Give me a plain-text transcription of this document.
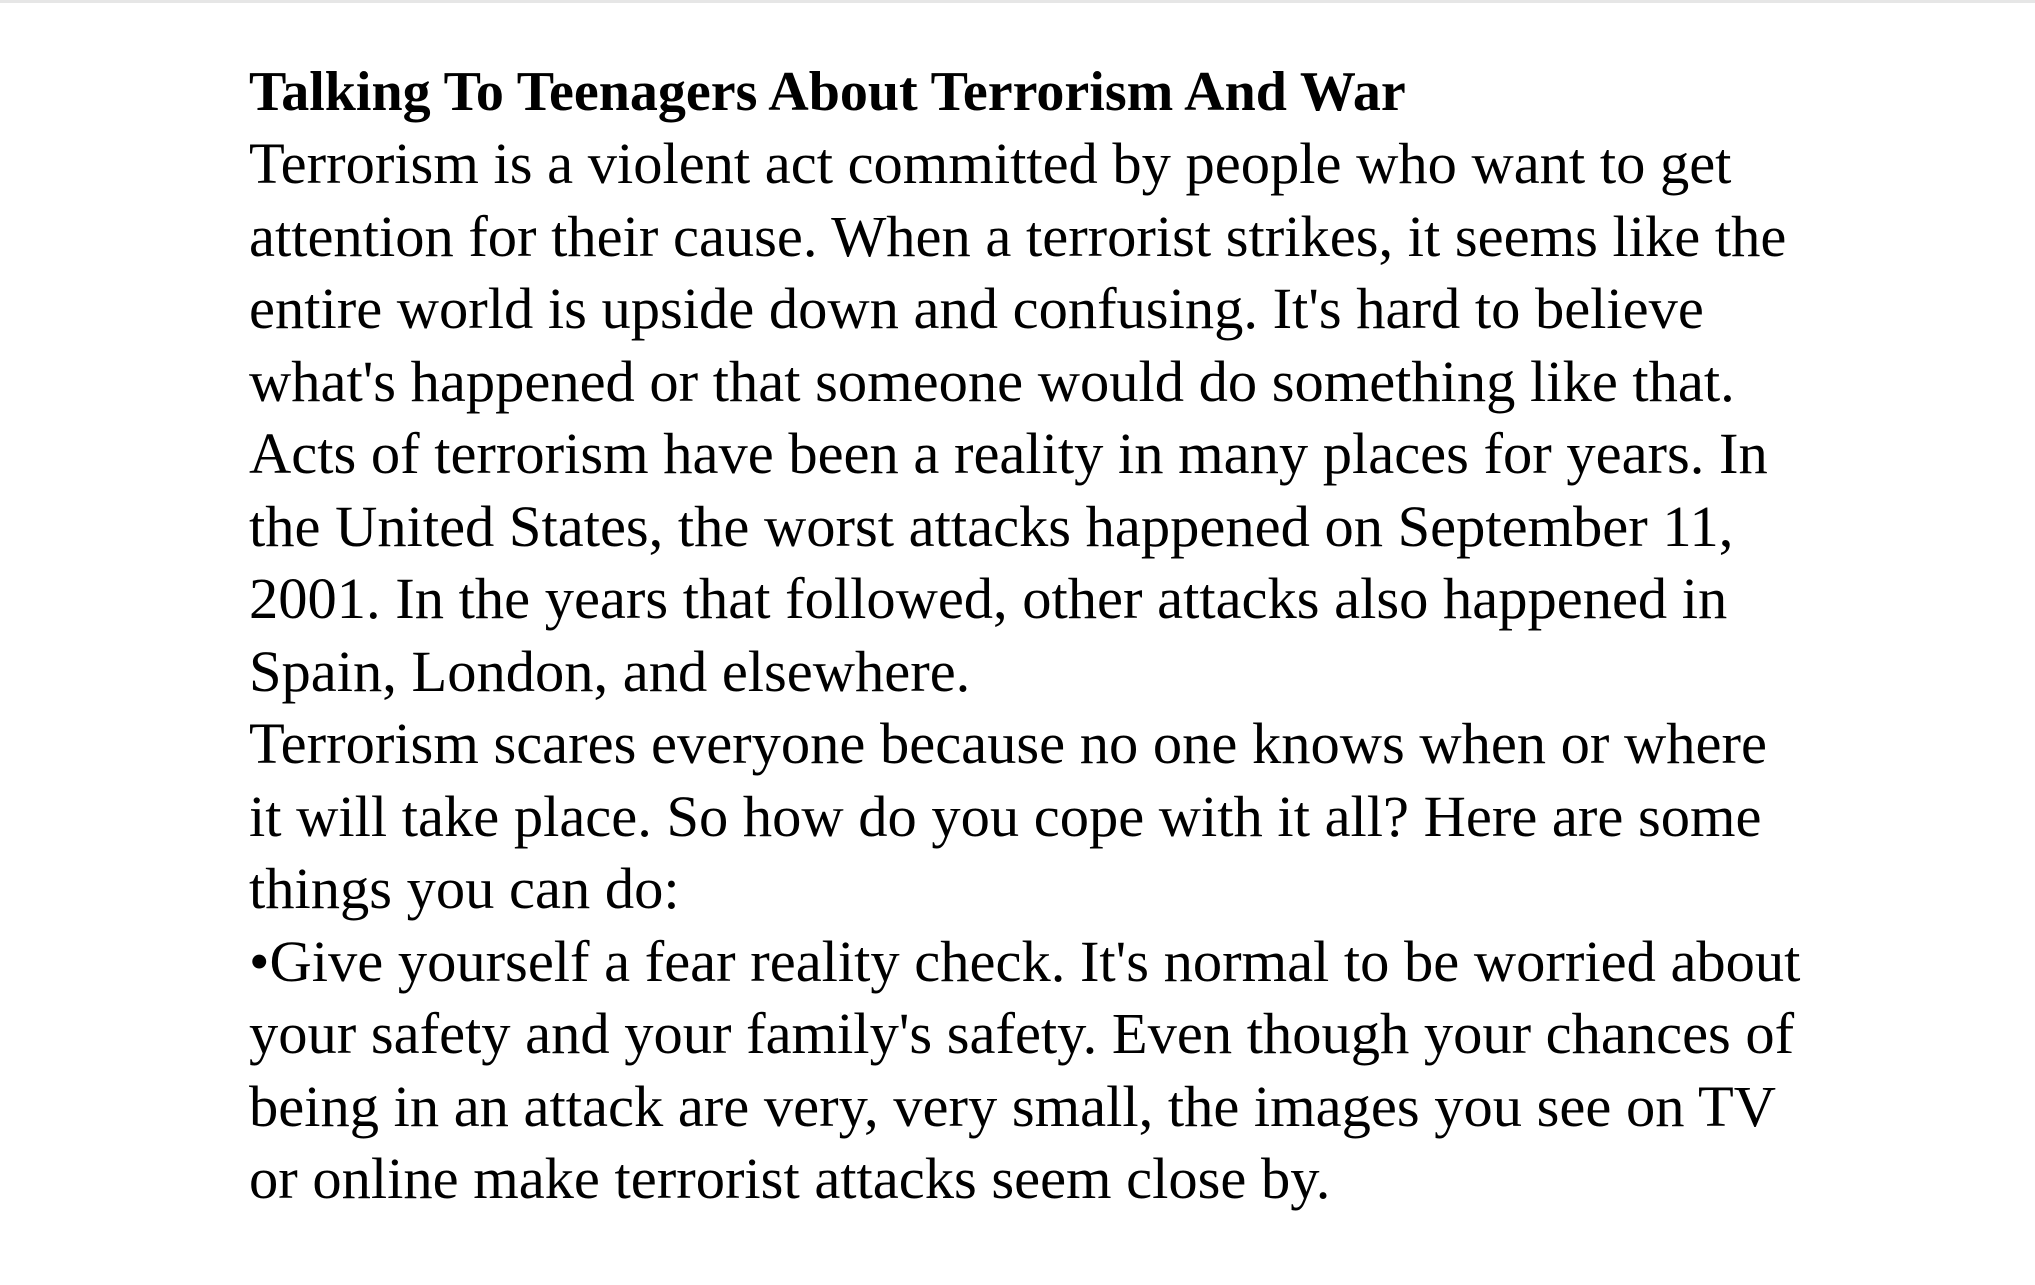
Talking To Teenagers About Terrorism And War

Terrorism is a violent act committed by people who want to get attention for their cause. When a terrorist strikes, it seems like the entire world is upside down and confusing. It's hard to believe what's happened or that someone would do something like that.

Acts of terrorism have been a reality in many places for years. In the United States, the worst attacks happened on September 11, 2001. In the years that followed, other attacks also happened in Spain, London, and elsewhere.

Terrorism scares everyone because no one knows when or where it will take place. So how do you cope with it all? Here are some things you can do:

•Give yourself a fear reality check. It's normal to be worried about your safety and your family's safety. Even though your chances of being in an attack are very, very small, the images you see on TV or online make terrorist attacks seem close by.
